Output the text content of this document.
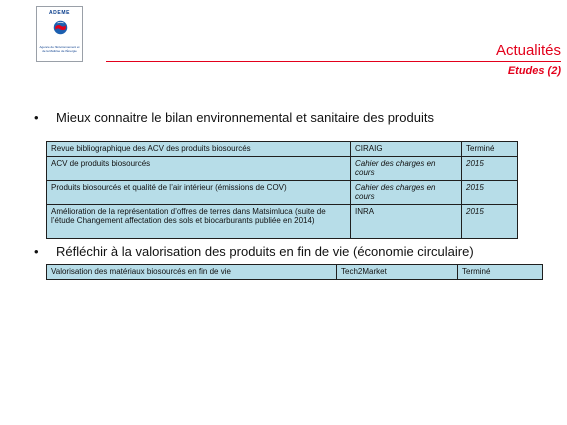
ADEME
Agence de l'Environnement et de la Maîtrise de l'Énergie	Actualités
Etudes (2)
• Mieux connaitre le bilan environnemental et sanitaire des produits
Revue bibliographique des ACV des produits biosourcés	CIRAIG	Terminé
ACV de produits biosourcés	Cahier des charges en cours	2015
Produits biosourcés et qualité de l’air intérieur (émissions de COV)	Cahier des charges en cours	2015
Amélioration de la représentation d’offres de terres dans Matsimluca (suite de l’étude Changement affectation des sols et biocarburants publiée en 2014)	INRA	2015
• Réfléchir à la valorisation des produits en fin de vie (économie circulaire)
Valorisation des matériaux biosourcés en fin de vie	Tech2Market	Terminé
